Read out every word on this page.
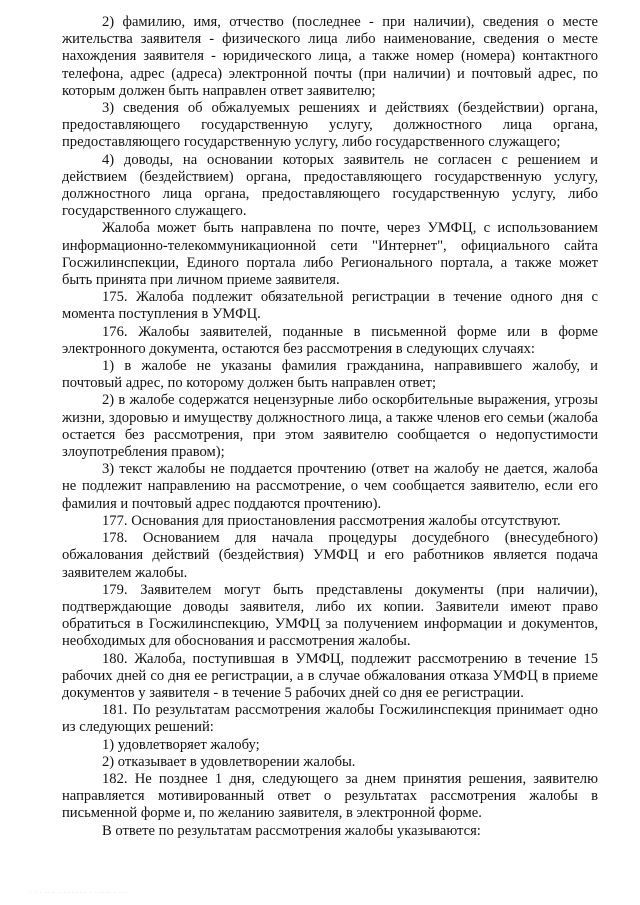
2) фамилию, имя, отчество (последнее - при наличии), сведения о месте жительства заявителя - физического лица либо наименование, сведения о месте нахождения заявителя - юридического лица, а также номер (номера) контактного телефона, адрес (адреса) электронной почты (при наличии) и почтовый адрес, по которым должен быть направлен ответ заявителю;

3) сведения об обжалуемых решениях и действиях (бездействии) органа, предоставляющего государственную услугу, должностного лица органа, предоставляющего государственную услугу, либо государственного служащего;

4) доводы, на основании которых заявитель не согласен с решением и действием (бездействием) органа, предоставляющего государственную услугу, должностного лица органа, предоставляющего государственную услугу, либо государственного служащего.

Жалоба может быть направлена по почте, через УМФЦ, с использованием информационно-телекоммуникационной сети "Интернет", официального сайта Госжилинспекции, Единого портала либо Регионального портала, а также может быть принята при личном приеме заявителя.

175. Жалоба подлежит обязательной регистрации в течение одного дня с момента поступления в УМФЦ.

176. Жалобы заявителей, поданные в письменной форме или в форме электронного документа, остаются без рассмотрения в следующих случаях:

1) в жалобе не указаны фамилия гражданина, направившего жалобу, и почтовый адрес, по которому должен быть направлен ответ;

2) в жалобе содержатся нецензурные либо оскорбительные выражения, угрозы жизни, здоровью и имуществу должностного лица, а также членов его семьи (жалоба остается без рассмотрения, при этом заявителю сообщается о недопустимости злоупотребления правом);

3) текст жалобы не поддается прочтению (ответ на жалобу не дается, жалоба не подлежит направлению на рассмотрение, о чем сообщается заявителю, если его фамилия и почтовый адрес поддаются прочтению).

177. Основания для приостановления рассмотрения жалобы отсутствуют.

178. Основанием для начала процедуры досудебного (внесудебного) обжалования действий (бездействия) УМФЦ и его работников является подача заявителем жалобы.

179. Заявителем могут быть представлены документы (при наличии), подтверждающие доводы заявителя, либо их копии. Заявители имеют право обратиться в Госжилинспекцию, УМФЦ за получением информации и документов, необходимых для обоснования и рассмотрения жалобы.

180. Жалоба, поступившая в УМФЦ, подлежит рассмотрению в течение 15 рабочих дней со дня ее регистрации, а в случае обжалования отказа УМФЦ в приеме документов у заявителя - в течение 5 рабочих дней со дня ее регистрации.

181. По результатам рассмотрения жалобы Госжилинспекция принимает одно из следующих решений:

1) удовлетворяет жалобу;

2) отказывает в удовлетворении жалобы.

182. Не позднее 1 дня, следующего за днем принятия решения, заявителю направляется мотивированный ответ о результатах рассмотрения жалобы в письменной форме и, по желанию заявителя, в электронной форме.

В ответе по результатам рассмотрения жалобы указываются:

· · · ···· ··········· · ······ · ····
